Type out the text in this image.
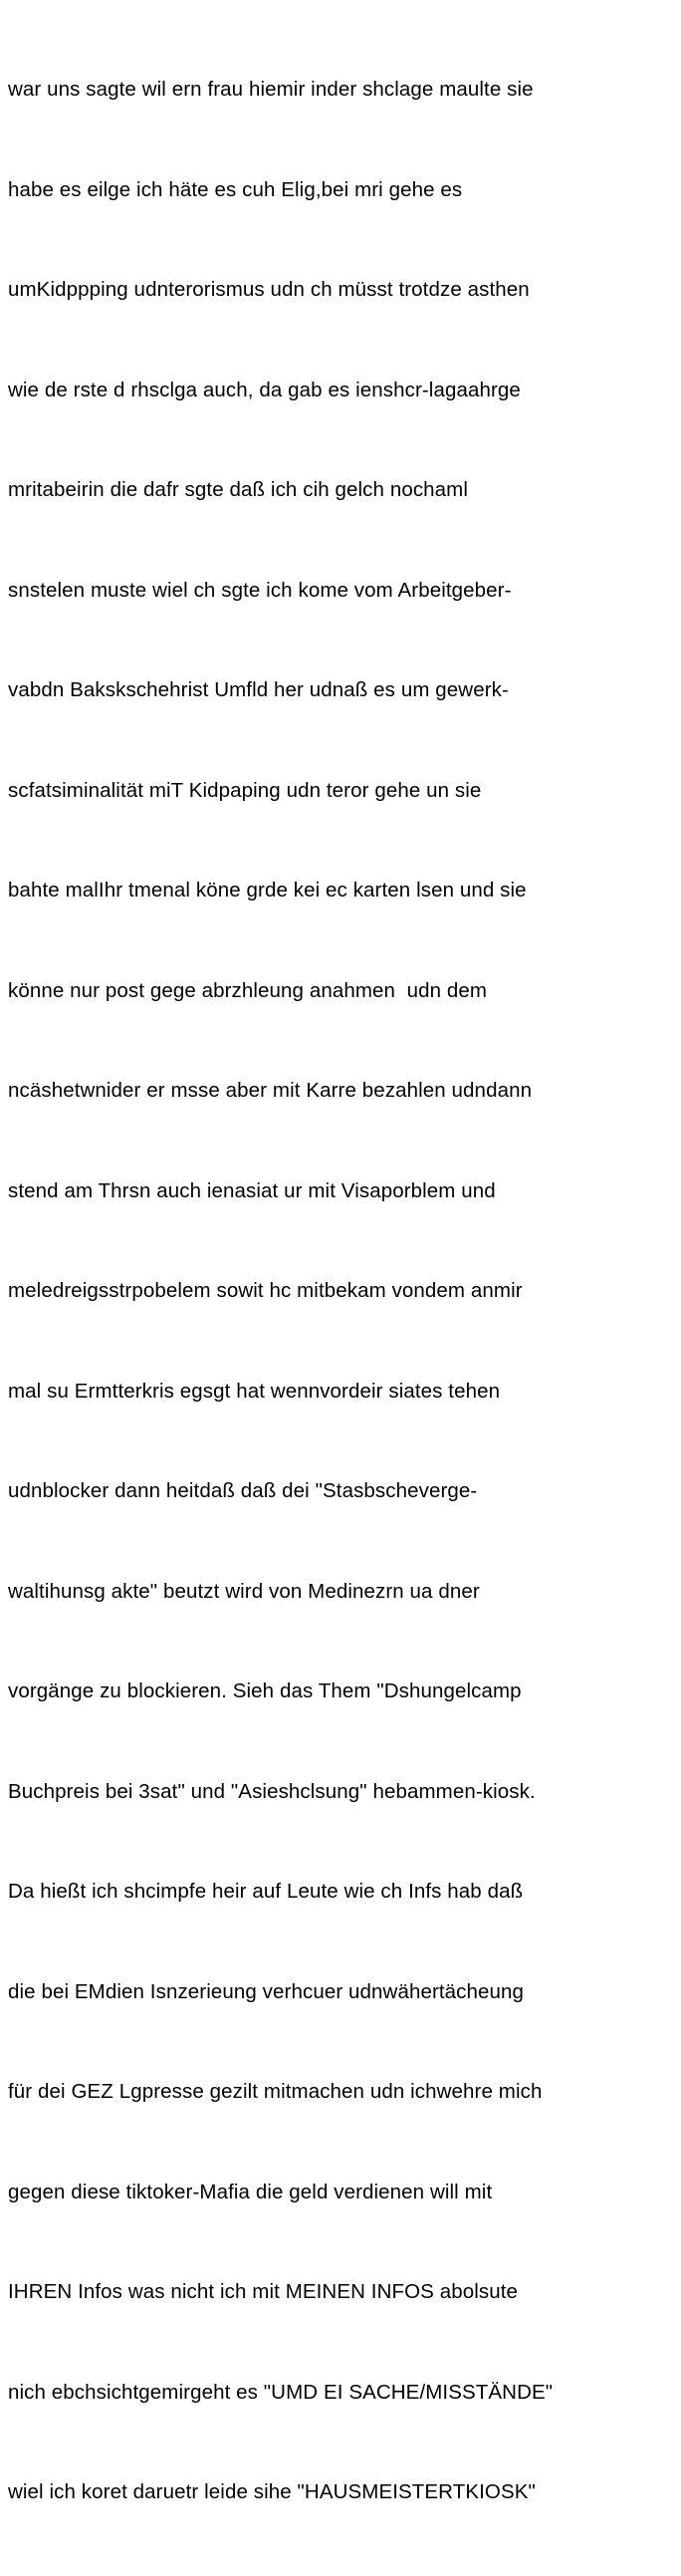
war uns sagte wil ern frau hiemir inder shclage maulte sie

habe es eilge ich häte es cuh Elig,bei mri gehe es

umKidppping udnterorismus udn ch müsst trotdze asthen

wie de rste d rhsclga auch, da gab es ienshcr-lagaahrge

mritabeirin die dafr sgte daß ich cih gelch nochaml

snstelen muste wiel ch sgte ich kome vom Arbeitgeber-

vabdn Bakskschehrist Umfld her udnaß es um gewerk-

scfatsiminalität miT Kidpaping udn teror gehe un sie

bahte malIhr tmenal köne grde kei ec karten lsen und sie

könne nur post gege abrzhleung anahmen  udn dem

ncäshetwnider er msse aber mit Karre bezahlen udndann

stend am Thrsn auch ienasiat ur mit Visaporblem und

meledreigsstrpobelem sowit hc mitbekam vondem anmir

mal su Ermtterkris egsgt hat wennvordeir siates tehen

udnblocker dann heitdaß daß dei "Stasbscheverge-

waltihunsg akte" beutzt wird von Medinezrn ua dner

vorgänge zu blockieren. Sieh das Them "Dshungelcamp

Buchpreis bei 3sat" und "Asieshclsung" hebammen-kiosk.

Da hießt ich shcimpfe heir auf Leute wie ch Infs hab daß

die bei EMdien Isnzerieung verhcuer udnwähertächeung

für dei GEZ Lgpresse gezilt mitmachen udn ichwehre mich

gegen diese tiktoker-Mafia die geld verdienen will mit

IHREN Infos was nicht ich mit MEINEN INFOS abolsute

nich ebchsichtgemirgeht es "UMD EI SACHE/MISSTÄNDE"

wiel ich koret daruetr leide sihe "HAUSMEISTERTKIOSK"
